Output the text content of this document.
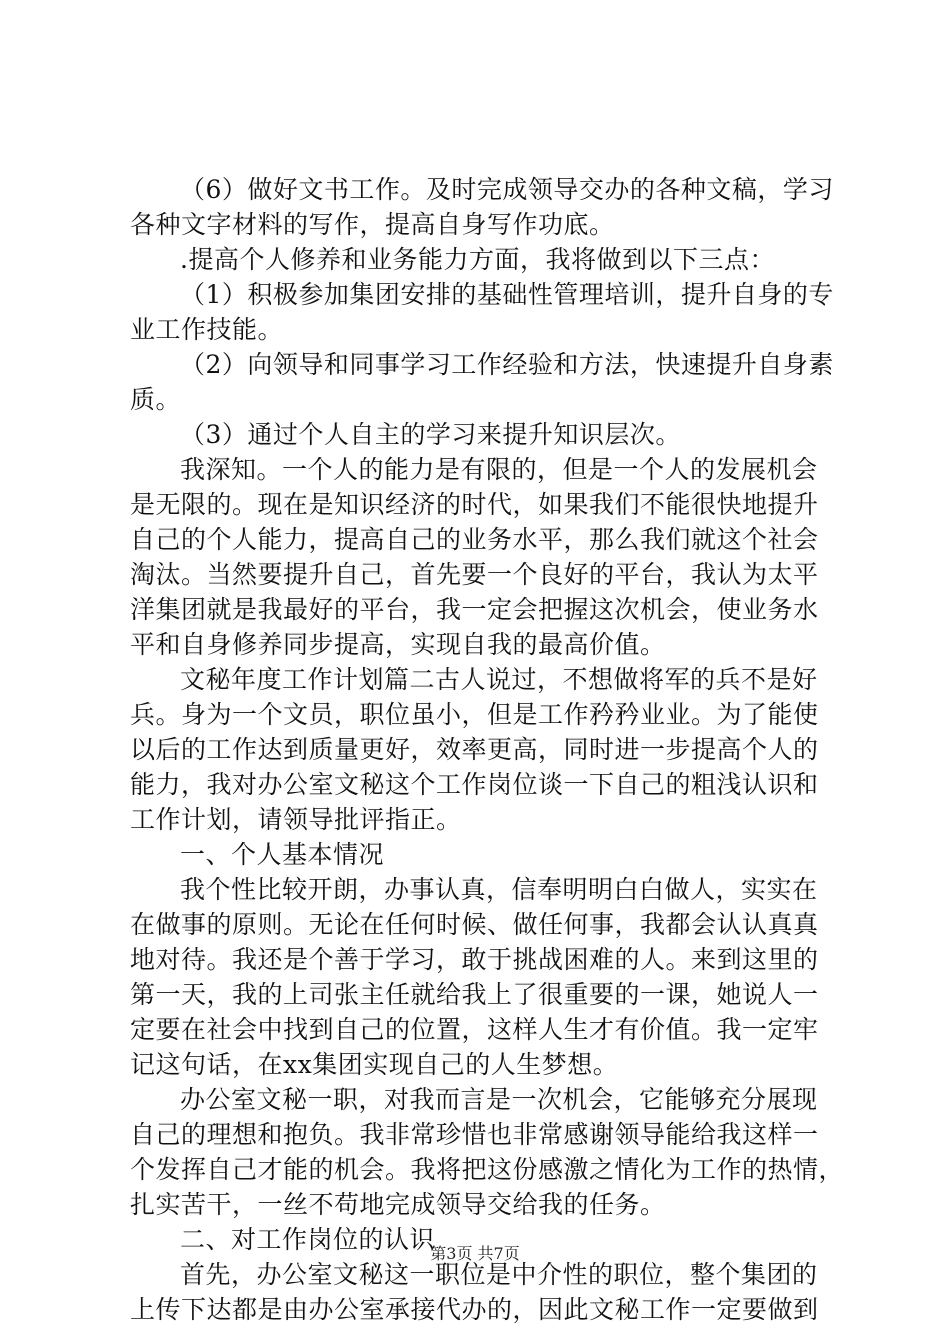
（6）做好文书工作。及时完成领导交办的各种文稿，学习
各种文字材料的写作，提高自身写作功底。
.提高个人修养和业务能力方面，我将做到以下三点：
（1）积极参加集团安排的基础性管理培训，提升自身的专
业工作技能。
（2）向领导和同事学习工作经验和方法，快速提升自身素
质。
（3）通过个人自主的学习来提升知识层次。
我深知。一个人的能力是有限的，但是一个人的发展机会
是无限的。现在是知识经济的时代，如果我们不能很快地提升
自己的个人能力，提高自己的业务水平，那么我们就这个社会
淘汰。当然要提升自己，首先要一个良好的平台，我认为太平
洋集团就是我最好的平台，我一定会把握这次机会，使业务水
平和自身修养同步提高，实现自我的最高价值。
文秘年度工作计划篇二古人说过，不想做将军的兵不是好
兵。身为一个文员，职位虽小，但是工作矜矜业业。为了能使
以后的工作达到质量更好，效率更高，同时进一步提高个人的
能力，我对办公室文秘这个工作岗位谈一下自己的粗浅认识和
工作计划，请领导批评指正。
一、个人基本情况
我个性比较开朗，办事认真，信奉明明白白做人，实实在
在做事的原则。无论在任何时候、做任何事，我都会认认真真
地对待。我还是个善于学习，敢于挑战困难的人。来到这里的
第一天，我的上司张主任就给我上了很重要的一课，她说人一
定要在社会中找到自己的位置，这样人生才有价值。我一定牢
记这句话，在xx集团实现自己的人生梦想。
办公室文秘一职，对我而言是一次机会，它能够充分展现
自己的理想和抱负。我非常珍惜也非常感谢领导能给我这样一
个发挥自己才能的机会。我将把这份感激之情化为工作的热情，
扎实苦干，一丝不苟地完成领导交给我的任务。
二、对工作岗位的认识
首先，办公室文秘这一职位是中介性的职位，整个集团的
上传下达都是由办公室承接代办的，因此文秘工作一定要做到
第3页 共7页
